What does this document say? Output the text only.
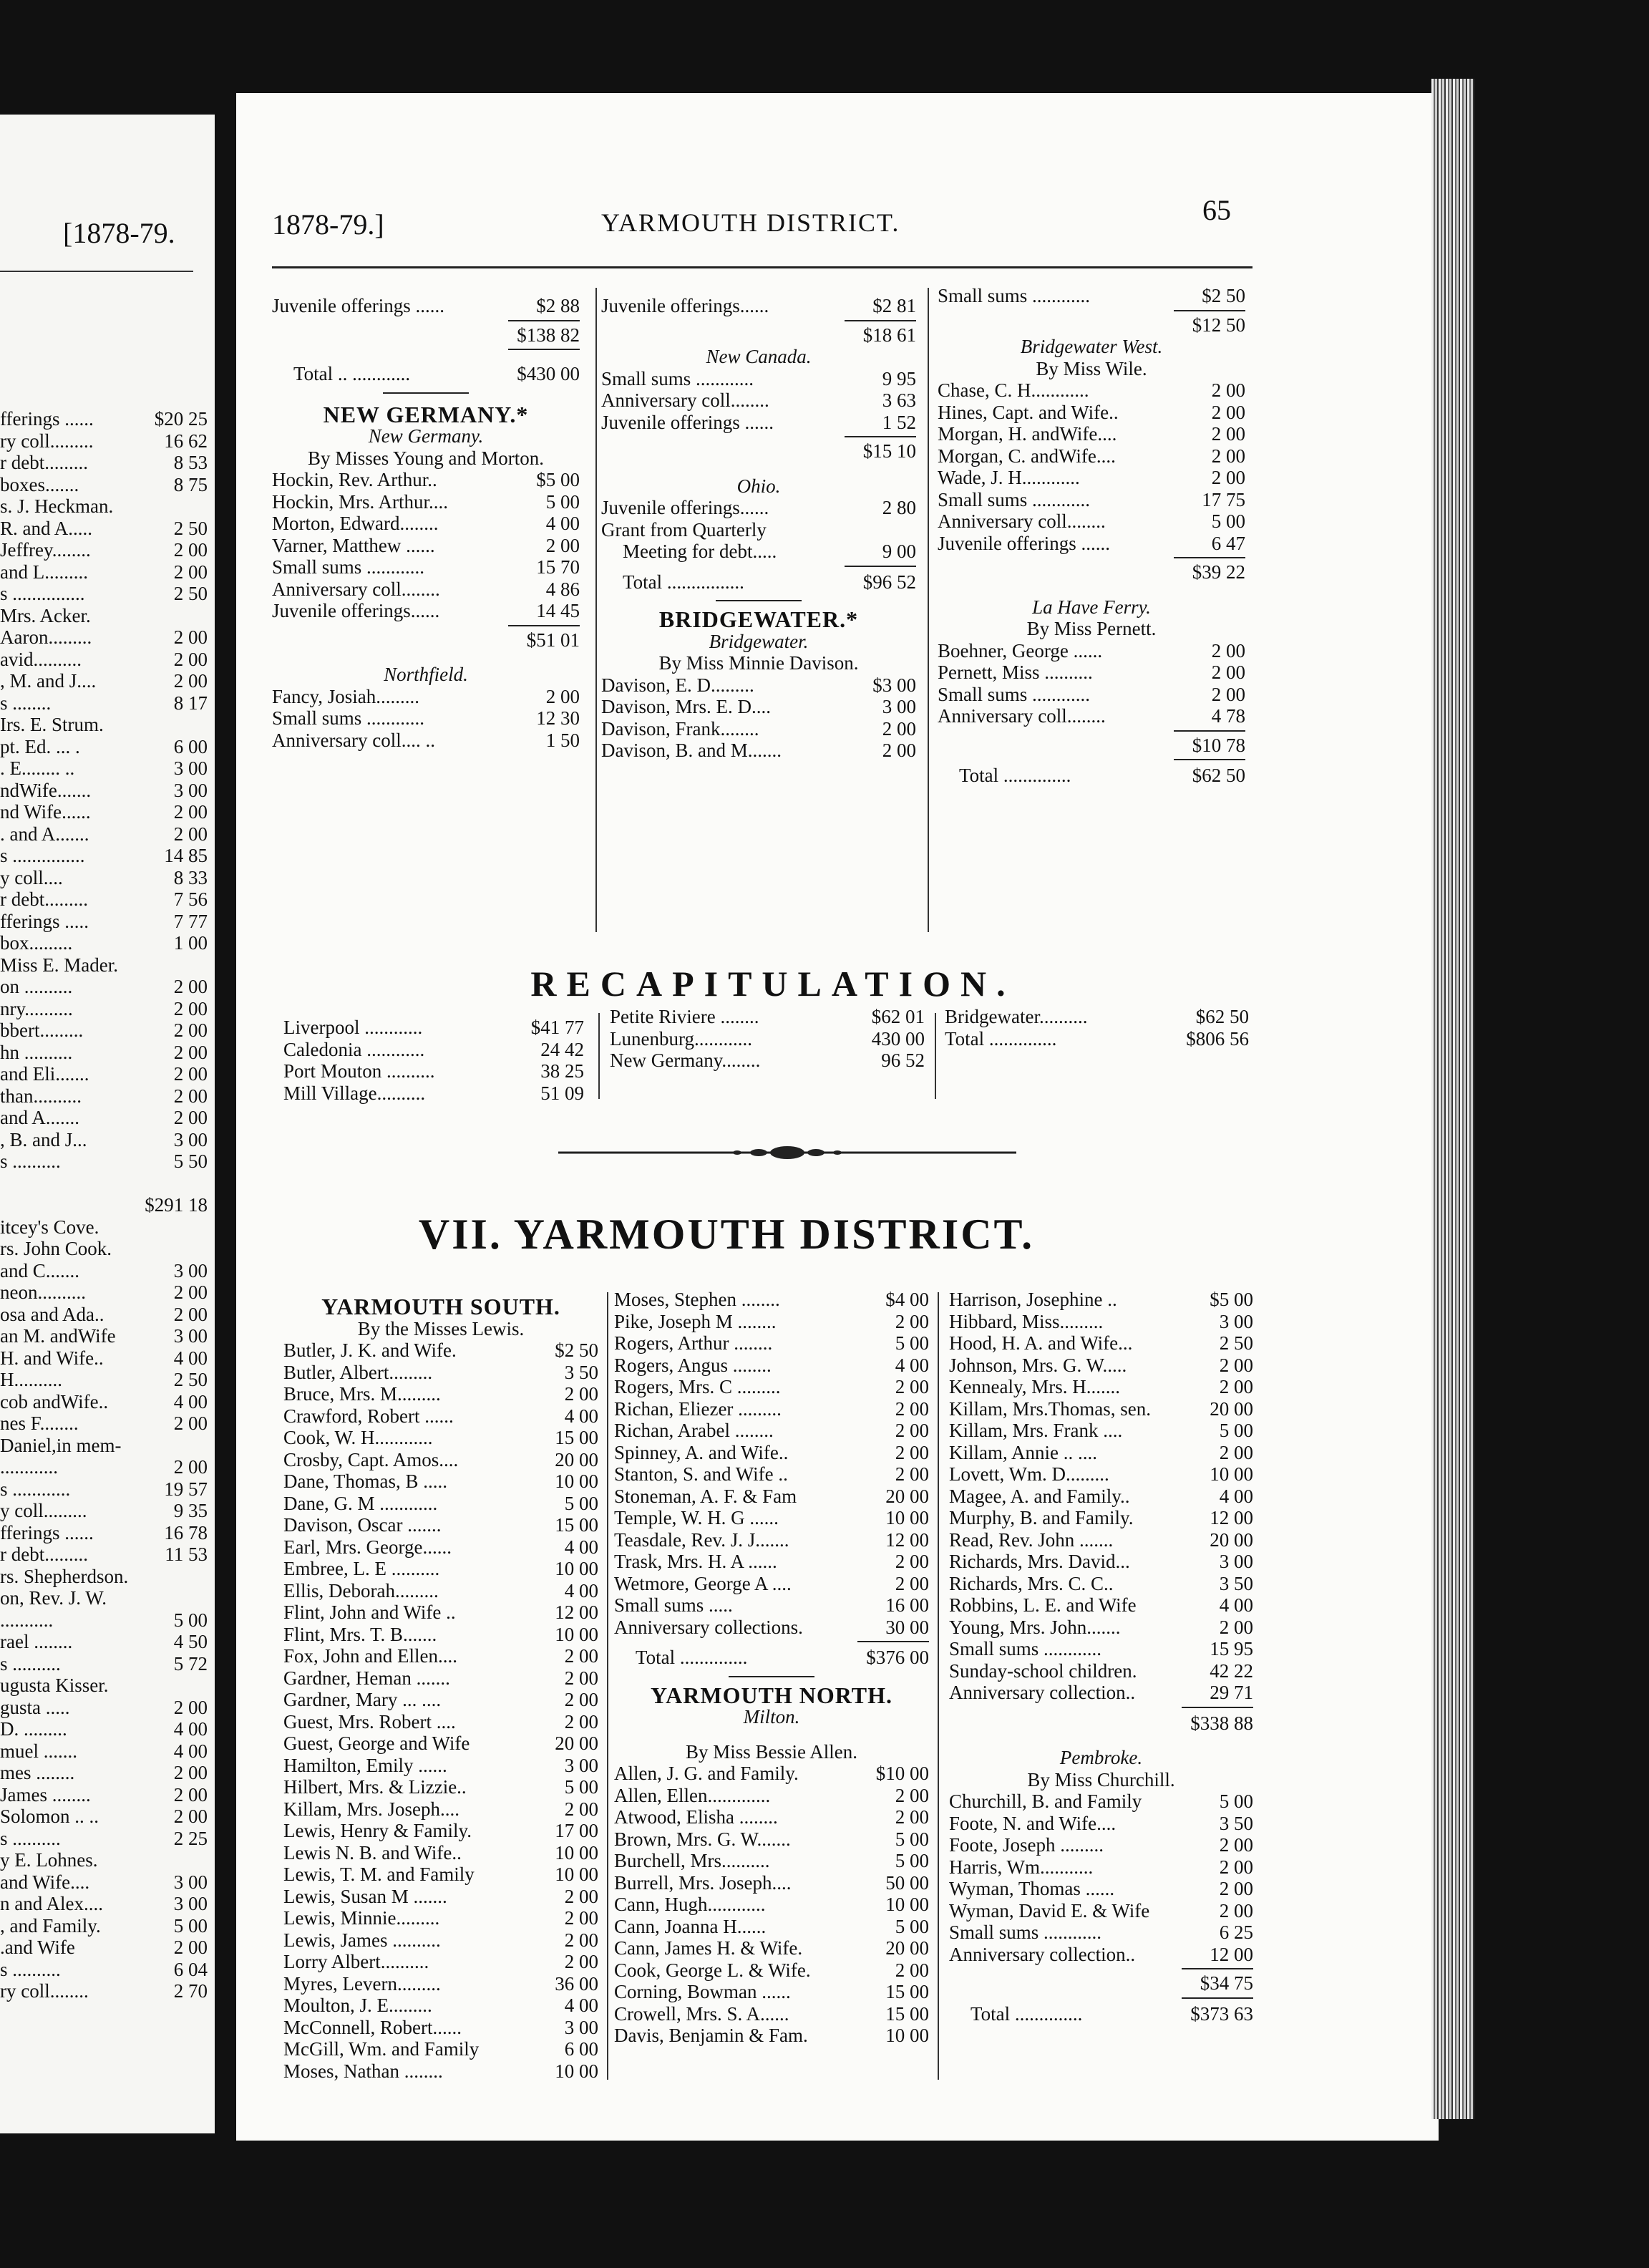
[1878-79.
fferings ......	$20 25
ry coll.........	16 62
r debt.........	8 53
boxes.......	8 75
s. J. Heckman.
R. and A.....	2 50
Jeffrey........	2 00
and L.........	2 00
s ...............	2 50
Mrs. Acker.
Aaron.........	2 00
avid..........	2 00
, M. and J....	2 00
s ........	8 17
Irs. E. Strum.
pt. Ed. ... .	6 00
. E........ ..	3 00
ndWife.......	3 00
nd Wife......	2 00
. and A.......	2 00
s ...............	14 85
y coll....	8 33
r debt.........	7 56
fferings .....	7 77
box.........	1 00
Miss E. Mader.
on ..........	2 00
nry..........	2 00
bbert.........	2 00
hn ..........	2 00
and Eli.......	2 00
than..........	2 00
and A.......	2 00
, B. and J...	3 00
s ..........	5 50
$291 18
itcey's Cove.
rs. John Cook.
and C.......	3 00
neon..........	2 00
osa and Ada..	2 00
an M. andWife	3 00
H. and Wife..	4 00
H..........	2 50
cob andWife..	4 00
nes F........	2 00
Daniel,in mem-
............	2 00
s ............	19 57
y coll.........	9 35
fferings ......	16 78
r debt.........	11 53
rs. Shepherdson.
on, Rev. J. W.
...........	5 00
rael ........	4 50
s ..........	5 72
ugusta Kisser.
gusta .....	2 00
D. .........	4 00
muel .......	4 00
mes ........	2 00
James ........	2 00
Solomon .. ..	2 00
s ..........	2 25
y E. Lohnes.
and Wife....	3 00
n and Alex....	3 00
, and Family.	5 00
.and Wife	2 00
s ..........	6 04
ry coll........	2 70
1878-79.]	YARMOUTH DISTRICT.	65
Juvenile offerings ......	$2 88
$138 82
Total .. ............	$430 00
NEW GERMANY.*
New Germany.
By Misses Young and Morton.
Hockin, Rev. Arthur..	$5 00
Hockin, Mrs. Arthur....	5 00
Morton, Edward........	4 00
Varner, Matthew ......	2 00
Small sums ............	15 70
Anniversary coll........	4 86
Juvenile offerings......	14 45
$51 01
Northfield.
Fancy, Josiah.........	2 00
Small sums ............	12 30
Anniversary coll.... ..	1 50
Juvenile offerings......	$2 81
$18 61
New Canada.
Small sums ............	9 95
Anniversary coll........	3 63
Juvenile offerings ......	1 52
$15 10
Ohio.
Juvenile offerings......	2 80
Grant from Quarterly
Meeting for debt.....	9 00
Total ................	$96 52
BRIDGEWATER.*
Bridgewater.
By Miss Minnie Davison.
Davison, E. D.........	$3 00
Davison, Mrs. E. D....	3 00
Davison, Frank........	2 00
Davison, B. and M.......	2 00
Small sums ............	$2 50
$12 50
Bridgewater West.
By Miss Wile.
Chase, C. H............	2 00
Hines, Capt. and Wife..	2 00
Morgan, H. andWife....	2 00
Morgan, C. andWife....	2 00
Wade, J. H............	2 00
Small sums ............	17 75
Anniversary coll........	5 00
Juvenile offerings ......	6 47
$39 22
La Have Ferry.
By Miss Pernett.
Boehner, George ......	2 00
Pernett, Miss ..........	2 00
Small sums ............	2 00
Anniversary coll........	4 78
$10 78
Total ..............	$62 50
RECAPITULATION.
Liverpool ............	$41 77
Caledonia ............	24 42
Port Mouton ..........	38 25
Mill Village..........	51 09
Petite Riviere ........	$62 01
Lunenburg............	430 00
New Germany........	96 52
Bridgewater..........	$62 50
Total ..............	$806 56
VII. YARMOUTH DISTRICT.
YARMOUTH SOUTH.
By the Misses Lewis.
Butler, J. K. and Wife.	$2 50
Butler, Albert.........	3 50
Bruce, Mrs. M.........	2 00
Crawford, Robert ......	4 00
Cook, W. H............	15 00
Crosby, Capt. Amos....	20 00
Dane, Thomas, B .....	10 00
Dane, G. M ............	5 00
Davison, Oscar .......	15 00
Earl, Mrs. George......	4 00
Embree, L. E ..........	10 00
Ellis, Deborah.........	4 00
Flint, John and Wife ..	12 00
Flint, Mrs. T. B.......	10 00
Fox, John and Ellen....	2 00
Gardner, Heman .......	2 00
Gardner, Mary ... ....	2 00
Guest, Mrs. Robert ....	2 00
Guest, George and Wife	20 00
Hamilton, Emily ......	3 00
Hilbert, Mrs. & Lizzie..	5 00
Killam, Mrs. Joseph....	2 00
Lewis, Henry & Family.	17 00
Lewis N. B. and Wife..	10 00
Lewis, T. M. and Family	10 00
Lewis, Susan M .......	2 00
Lewis, Minnie.........	2 00
Lewis, James ..........	2 00
Lorry Albert..........	2 00
Myres, Levern.........	36 00
Moulton, J. E.........	4 00
McConnell, Robert......	3 00
McGill, Wm. and Family	6 00
Moses, Nathan ........	10 00
Moses, Stephen ........	$4 00
Pike, Joseph M ........	2 00
Rogers, Arthur ........	5 00
Rogers, Angus ........	4 00
Rogers, Mrs. C .........	2 00
Richan, Eliezer .........	2 00
Richan, Arabel ........	2 00
Spinney, A. and Wife..	2 00
Stanton, S. and Wife ..	2 00
Stoneman, A. F. & Fam	20 00
Temple, W. H. G ......	10 00
Teasdale, Rev. J. J.......	12 00
Trask, Mrs. H. A ......	2 00
Wetmore, George A ....	2 00
Small sums .....	16 00
Anniversary collections.	30 00
Total ..............	$376 00
YARMOUTH NORTH.
Milton.
By Miss Bessie Allen.
Allen, J. G. and Family.	$10 00
Allen, Ellen.............	2 00
Atwood, Elisha ........	2 00
Brown, Mrs. G. W.......	5 00
Burchell, Mrs..........	5 00
Burrell, Mrs. Joseph....	50 00
Cann, Hugh............	10 00
Cann, Joanna H......	5 00
Cann, James H. & Wife.	20 00
Cook, George L. & Wife.	2 00
Corning, Bowman ......	15 00
Crowell, Mrs. S. A......	15 00
Davis, Benjamin & Fam.	10 00
Harrison, Josephine ..	$5 00
Hibbard, Miss.........	3 00
Hood, H. A. and Wife...	2 50
Johnson, Mrs. G. W.....	2 00
Kennealy, Mrs. H.......	2 00
Killam, Mrs.Thomas, sen.	20 00
Killam, Mrs. Frank ....	5 00
Killam, Annie .. ....	2 00
Lovett, Wm. D.........	10 00
Magee, A. and Family..	4 00
Murphy, B. and Family.	12 00
Read, Rev. John .......	20 00
Richards, Mrs. David...	3 00
Richards, Mrs. C. C..	3 50
Robbins, L. E. and Wife	4 00
Young, Mrs. John.......	2 00
Small sums ............	15 95
Sunday-school children.	42 22
Anniversary collection..	29 71
$338 88
Pembroke.
By Miss Churchill.
Churchill, B. and Family	5 00
Foote, N. and Wife....	3 50
Foote, Joseph .........	2 00
Harris, Wm...........	2 00
Wyman, Thomas ......	2 00
Wyman, David E. & Wife	2 00
Small sums ............	6 25
Anniversary collection..	12 00
$34 75
Total ..............	$373 63
